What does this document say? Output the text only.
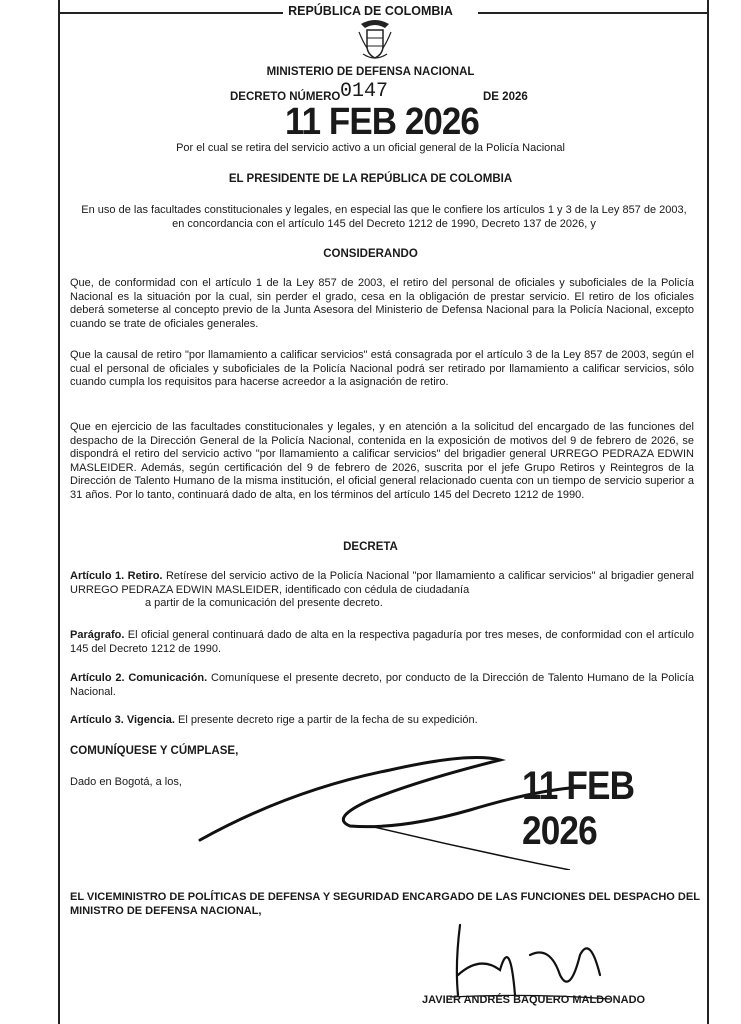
REPÚBLICA DE COLOMBIA
MINISTERIO DE DEFENSA NACIONAL
DECRETO NÚMERO 0147	DE 2026
11 FEB 2026
Por el cual se retira del servicio activo a un oficial general de la Policía Nacional
EL PRESIDENTE DE LA REPÚBLICA DE COLOMBIA
En uso de las facultades constitucionales y legales, en especial las que le confiere los artículos 1 y 3 de la Ley 857 de 2003, en concordancia con el artículo 145 del Decreto 1212 de 1990, Decreto 137 de 2026, y
CONSIDERANDO
Que, de conformidad con el artículo 1 de la Ley 857 de 2003, el retiro del personal de oficiales y suboficiales de la Policía Nacional es la situación por la cual, sin perder el grado, cesa en la obligación de prestar servicio. El retiro de los oficiales deberá someterse al concepto previo de la Junta Asesora del Ministerio de Defensa Nacional para la Policía Nacional, excepto cuando se trate de oficiales generales.
Que la causal de retiro "por llamamiento a calificar servicios" está consagrada por el artículo 3 de la Ley 857 de 2003, según el cual el personal de oficiales y suboficiales de la Policía Nacional podrá ser retirado por llamamiento a calificar servicios, sólo cuando cumpla los requisitos para hacerse acreedor a la asignación de retiro.
Que en ejercicio de las facultades constitucionales y legales, y en atención a la solicitud del encargado de las funciones del despacho de la Dirección General de la Policía Nacional, contenida en la exposición de motivos del 9 de febrero de 2026, se dispondrá el retiro del servicio activo "por llamamiento a calificar servicios" del brigadier general URREGO PEDRAZA EDWIN MASLEIDER. Además, según certificación del 9 de febrero de 2026, suscrita por el jefe Grupo Retiros y Reintegros de la Dirección de Talento Humano de la misma institución, el oficial general relacionado cuenta con un tiempo de servicio superior a 31 años. Por lo tanto, continuará dado de alta, en los términos del artículo 145 del Decreto 1212 de 1990.
DECRETA
Artículo 1. Retiro. Retírese del servicio activo de la Policía Nacional "por llamamiento a calificar servicios" al brigadier general URREGO PEDRAZA EDWIN MASLEIDER, identificado con cédula de ciudadanía
a partir de la comunicación del presente decreto.
Parágrafo. El oficial general continuará dado de alta en la respectiva pagaduría por tres meses, de conformidad con el artículo 145 del Decreto 1212 de 1990.
Artículo 2. Comunicación. Comuníquese el presente decreto, por conducto de la Dirección de Talento Humano de la Policía Nacional.
Artículo 3. Vigencia. El presente decreto rige a partir de la fecha de su expedición.
COMUNÍQUESE Y CÚMPLASE,
Dado en Bogotá, a los,	11 FEB 2026
EL VICEMINISTRO DE POLÍTICAS DE DEFENSA Y SEGURIDAD ENCARGADO DE LAS FUNCIONES DEL DESPACHO DEL MINISTRO DE DEFENSA NACIONAL,
JAVIER ANDRÉS BAQUERO MALDONADO
